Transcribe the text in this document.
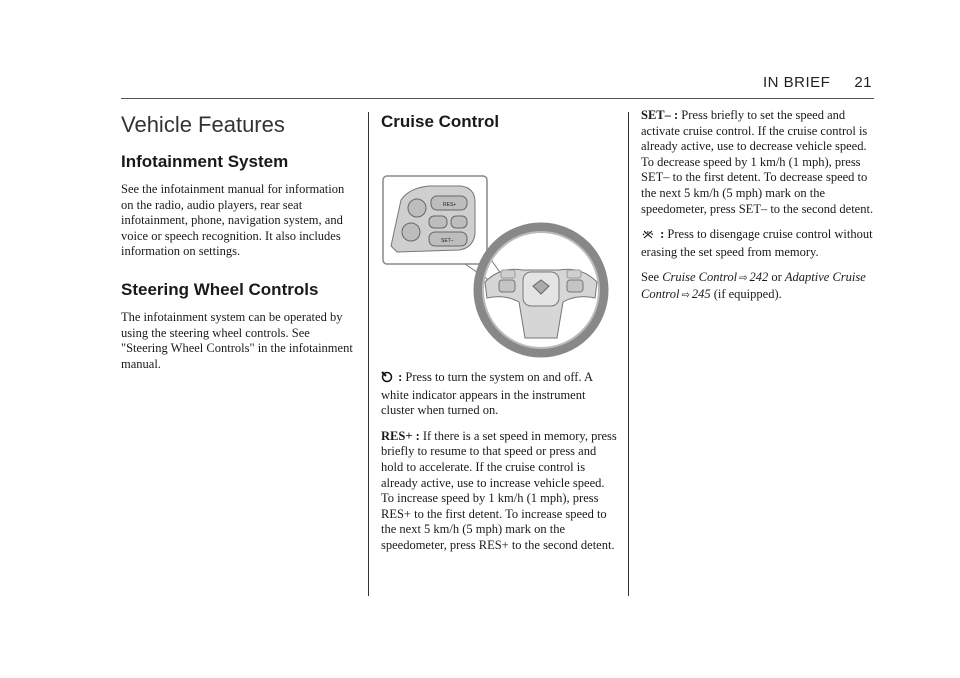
IN BRIEF 21
Vehicle Features
Infotainment System

See the infotainment manual for information on the radio, audio players, rear seat infotainment, phone, navigation system, and voice or speech recognition. It also includes information on settings.

Steering Wheel Controls

The infotainment system can be operated by using the steering wheel controls. See "Steering Wheel Controls" in the infotainment manual.

Cruise Control
RES+
SET–

: Press to turn the system on and off. A white indicator appears in the instrument cluster when turned on.

RES+ : If there is a set speed in memory, press briefly to resume to that speed or press and hold to accelerate. If the cruise control is already active, use to increase vehicle speed. To increase speed by 1 km/h (1 mph), press RES+ to the first detent. To increase speed to the next 5 km/h (5 mph) mark on the speedometer, press RES+ to the second detent.

SET– : Press briefly to set the speed and activate cruise control. If the cruise control is already active, use to decrease vehicle speed. To decrease speed by 1 km/h (1 mph), press SET– to the first detent. To decrease speed to the next 5 km/h (5 mph) mark on the speedometer, press SET– to the second detent.

: Press to disengage cruise control without erasing the set speed from memory.

See Cruise Control ⇨ 242 or Adaptive Cruise Control ⇨ 245 (if equipped).
